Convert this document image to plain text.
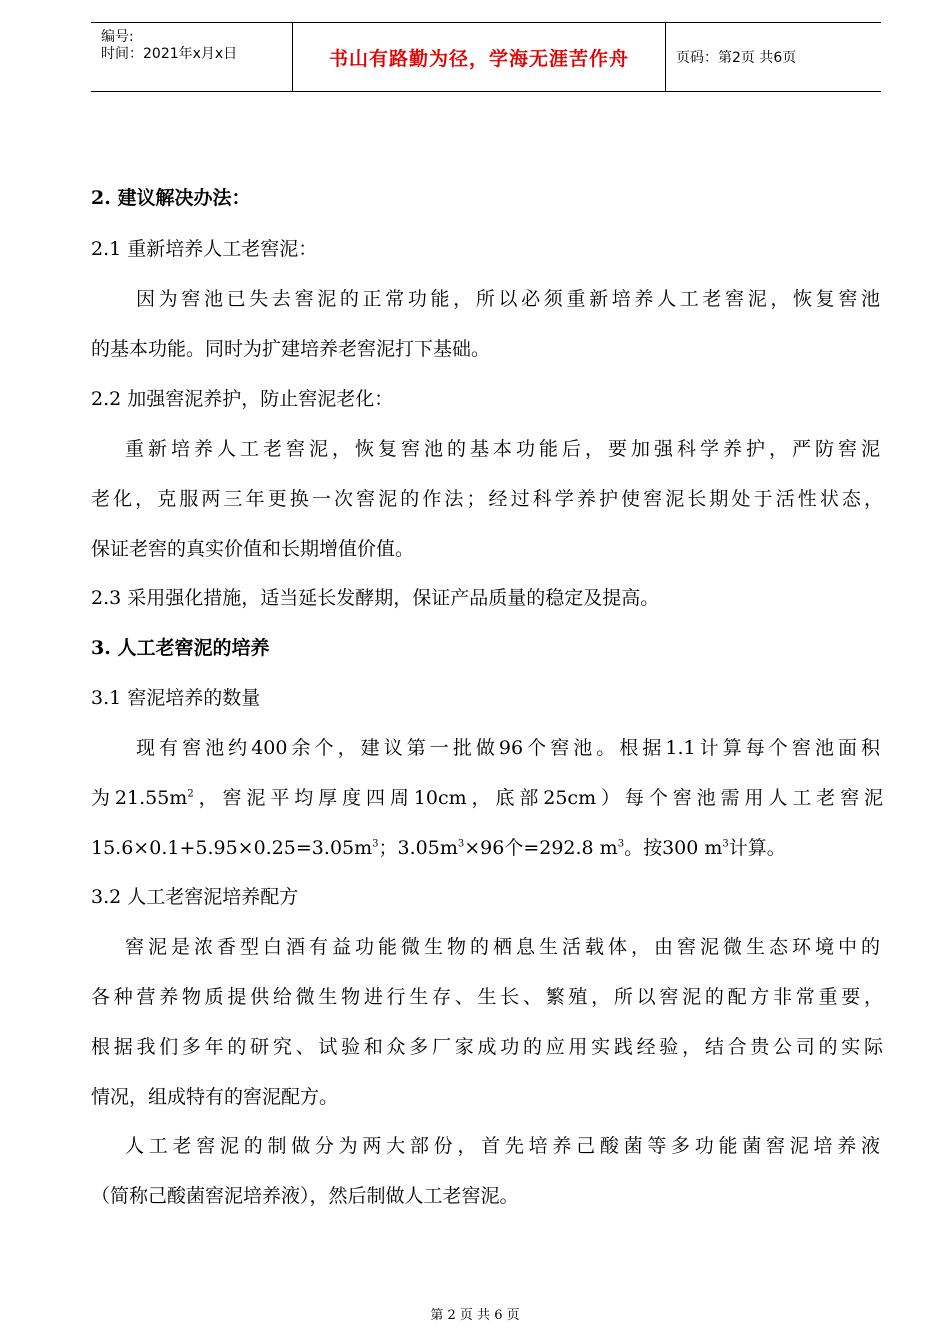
编号:
时间：2021年x月x日	书山有路勤为径，学海无涯苦作舟	页码：第2页 共6页
2. 建议解决办法：
2.1 重新培养人工老窖泥：
因为窖池已失去窖泥的正常功能，所以必须重新培养人工老窖泥，恢复窖池
的基本功能。同时为扩建培养老窖泥打下基础。
2.2 加强窖泥养护，防止窖泥老化：
重新培养人工老窖泥，恢复窖池的基本功能后，要加强科学养护，严防窖泥
老化，克服两三年更换一次窖泥的作法；经过科学养护使窖泥长期处于活性状态，
保证老窖的真实价值和长期增值价值。
2.3 采用强化措施，适当延长发酵期，保证产品质量的稳定及提高。
3. 人工老窖泥的培养
3.1 窖泥培养的数量
现有窖池约400余个，建议第一批做96个窖池。根据1.1计算每个窖池面积
为$21.55m^2$，窖泥平均厚度四周10cm，底部25cm）每个窖池需用人工老窖泥
$15.6\times 0.1+5.95\times 0.25=3.05m^3$；$3.05m^3\times 96$个=292.8 $m^3$。按300 $m^3$计算。
3.2 人工老窖泥培养配方
窖泥是浓香型白酒有益功能微生物的栖息生活载体，由窖泥微生态环境中的
各种营养物质提供给微生物进行生存、生长、繁殖，所以窖泥的配方非常重要，
根据我们多年的研究、试验和众多厂家成功的应用实践经验，结合贵公司的实际
情况，组成特有的窖泥配方。
人工老窖泥的制做分为两大部份，首先培养己酸菌等多功能菌窖泥培养液
（简称己酸菌窖泥培养液），然后制做人工老窖泥。
第 2 页 共 6 页
